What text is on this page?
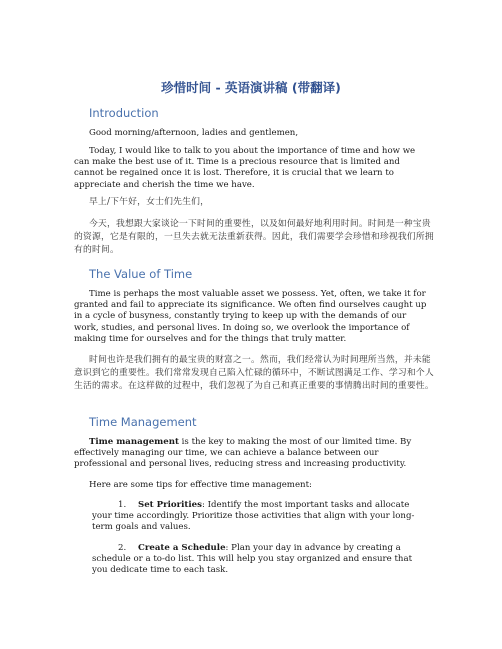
珍惜时间 - 英语演讲稿 (带翻译)
Introduction

Good morning/afternoon, ladies and gentlemen,

Today, I would like to talk to you about the importance of time and how we can make the best use of it. Time is a precious resource that is limited and cannot be regained once it is lost. Therefore, it is crucial that we learn to appreciate and cherish the time we have.

早上/下午好，女士们先生们，

今天，我想跟大家谈论一下时间的重要性，以及如何最好地利用时间。时间是一种宝贵的资源，它是有限的，一旦失去就无法重新获得。因此，我们需要学会珍惜和珍视我们所拥有的时间。

The Value of Time

Time is perhaps the most valuable asset we possess. Yet, often, we take it for granted and fail to appreciate its significance. We often find ourselves caught up in a cycle of busyness, constantly trying to keep up with the demands of our work, studies, and personal lives. In doing so, we overlook the importance of making time for ourselves and for the things that truly matter.

时间也许是我们拥有的最宝贵的财富之一。然而，我们经常认为时间理所当然，并未能意识到它的重要性。我们常常发现自己陷入忙碌的循环中，不断试图满足工作、学习和个人生活的需求。在这样做的过程中，我们忽视了为自己和真正重要的事情腾出时间的重要性。

Time Management

Time management is the key to making the most of our limited time. By effectively managing our time, we can achieve a balance between our professional and personal lives, reducing stress and increasing productivity.

Here are some tips for effective time management:

1. Set Priorities: Identify the most important tasks and allocate your time accordingly. Prioritize those activities that align with your long-term goals and values.
2. Create a Schedule: Plan your day in advance by creating a schedule or a to-do list. This will help you stay organized and ensure that you dedicate time to each task.
